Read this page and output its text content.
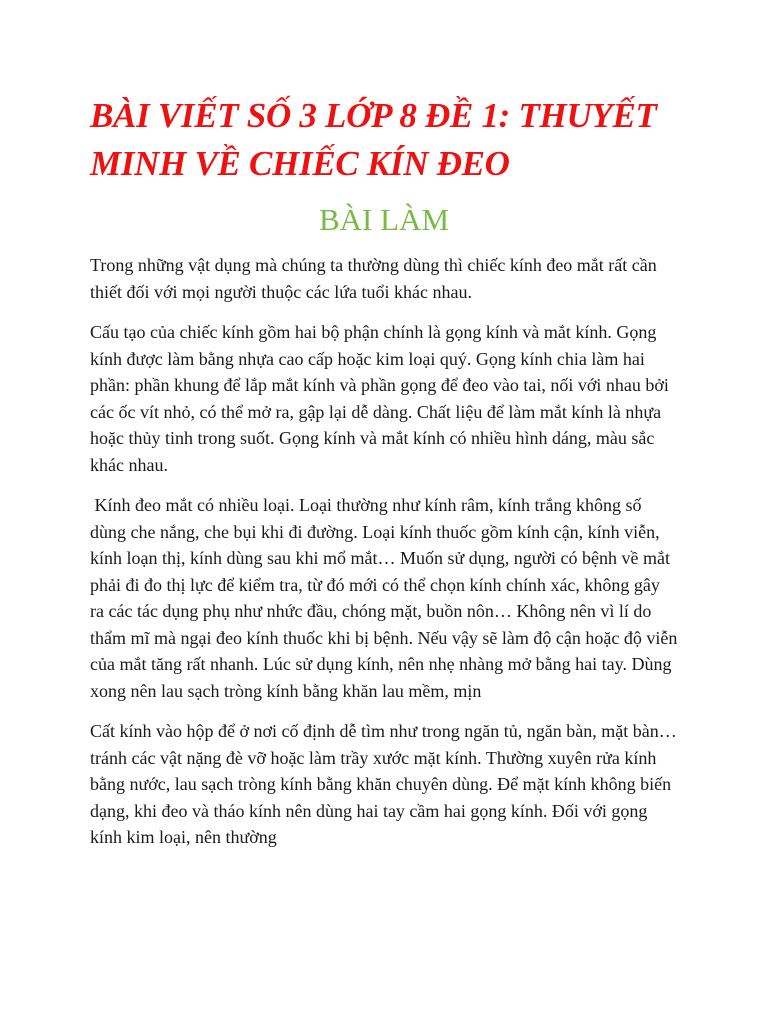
BÀI VIẾT SỐ 3 LỚP 8 ĐỀ 1: THUYẾT MINH VỀ CHIẾC KÍN ĐEO
BÀI LÀM

Trong những vật dụng mà chúng ta thường dùng thì chiếc kính đeo mắt rất cần thiết đối với mọi người thuộc các lứa tuổi khác nhau.

Cấu tạo của chiếc kính gồm hai bộ phận chính là gọng kính và mắt kính. Gọng kính được làm bằng nhựa cao cấp hoặc kim loại quý. Gọng kính chia làm hai phần: phần khung để lắp mắt kính và phần gọng để đeo vào tai, nối với nhau bởi các ốc vít nhỏ, có thể mở ra, gập lại dễ dàng. Chất liệu để làm mắt kính là nhựa hoặc thủy tinh trong suốt. Gọng kính và mắt kính có nhiều hình dáng, màu sắc khác nhau.

Kính đeo mắt có nhiều loại. Loại thường như kính râm, kính trắng không số dùng che nắng, che bụi khi đi đường. Loại kính thuốc gồm kính cận, kính viễn, kính loạn thị, kính dùng sau khi mổ mắt… Muốn sử dụng, người có bệnh về mắt phải đi đo thị lực để kiểm tra, từ đó mới có thể chọn kính chính xác, không gây ra các tác dụng phụ như nhức đầu, chóng mặt, buồn nôn… Không nên vì lí do thẩm mĩ mà ngại đeo kính thuốc khi bị bệnh. Nếu vậy sẽ làm độ cận hoặc độ viễn của mắt tăng rất nhanh. Lúc sử dụng kính, nên nhẹ nhàng mở bằng hai tay. Dùng xong nên lau sạch tròng kính bằng khăn lau mềm, mịn

Cất kính vào hộp để ở nơi cố định dễ tìm như trong ngăn tủ, ngăn bàn, mặt bàn… tránh các vật nặng đè vỡ hoặc làm trầy xước mặt kính. Thường xuyên rửa kính bằng nước, lau sạch tròng kính bằng khăn chuyên dùng. Để mặt kính không biến dạng, khi đeo và tháo kính nên dùng hai tay cầm hai gọng kính. Đối với gọng kính kim loại, nên thường
